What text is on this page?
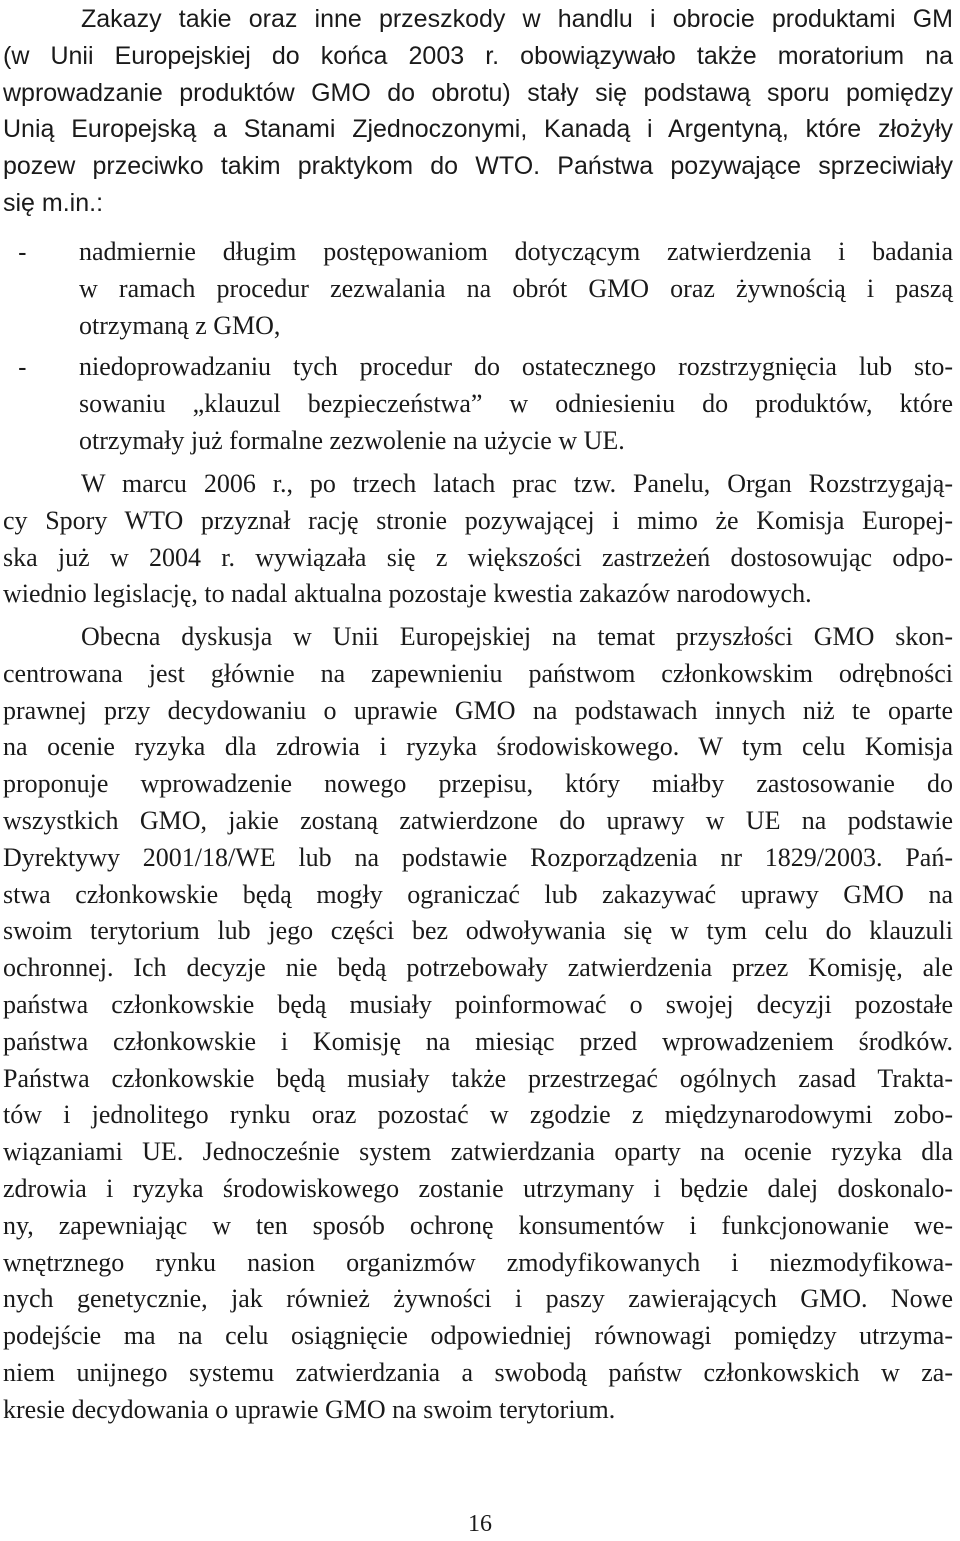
Zakazy takie oraz inne przeszkody w handlu i obrocie produktami GM
(w Unii Europejskiej do końca 2003 r. obowiązywało także moratorium na
wprowadzanie produktów GMO do obrotu) stały się podstawą sporu pomiędzy
Unią Europejską a Stanami Zjednoczonymi, Kanadą i Argentyną, które złożyły
pozew przeciwko takim praktykom do WTO. Państwa pozywające sprzeciwiały
się m.in.:
- nadmiernie długim postępowaniom dotyczącym zatwierdzenia i badania
w ramach procedur zezwalania na obrót GMO oraz żywnością i paszą
otrzymaną z GMO,
- niedoprowadzaniu tych procedur do ostatecznego rozstrzygnięcia lub sto-
sowaniu „klauzul bezpieczeństwa” w odniesieniu do produktów, które
otrzymały już formalne zezwolenie na użycie w UE.
W marcu 2006 r., po trzech latach prac tzw. Panelu, Organ Rozstrzygają-
cy Spory WTO przyznał rację stronie pozywającej i mimo że Komisja Europej-
ska już w 2004 r. wywiązała się z większości zastrzeżeń dostosowując odpo-
wiednio legislację, to nadal aktualna pozostaje kwestia zakazów narodowych.
Obecna dyskusja w Unii Europejskiej na temat przyszłości GMO skon-
centrowana jest głównie na zapewnieniu państwom członkowskim odrębności
prawnej przy decydowaniu o uprawie GMO na podstawach innych niż te oparte
na ocenie ryzyka dla zdrowia i ryzyka środowiskowego. W tym celu Komisja
proponuje wprowadzenie nowego przepisu, który miałby zastosowanie do
wszystkich GMO, jakie zostaną zatwierdzone do uprawy w UE na podstawie
Dyrektywy 2001/18/WE lub na podstawie Rozporządzenia nr 1829/2003. Pań-
stwa członkowskie będą mogły ograniczać lub zakazywać uprawy GMO na
swoim terytorium lub jego części bez odwoływania się w tym celu do klauzuli
ochronnej. Ich decyzje nie będą potrzebowały zatwierdzenia przez Komisję, ale
państwa członkowskie będą musiały poinformować o swojej decyzji pozostałe
państwa członkowskie i Komisję na miesiąc przed wprowadzeniem środków.
Państwa członkowskie będą musiały także przestrzegać ogólnych zasad Trakta-
tów i jednolitego rynku oraz pozostać w zgodzie z międzynarodowymi zobo-
wiązaniami UE. Jednocześnie system zatwierdzania oparty na ocenie ryzyka dla
zdrowia i ryzyka środowiskowego zostanie utrzymany i będzie dalej doskonalo-
ny, zapewniając w ten sposób ochronę konsumentów i funkcjonowanie we-
wnętrznego rynku nasion organizmów zmodyfikowanych i niezmodyfikowa-
nych genetycznie, jak również żywności i paszy zawierających GMO. Nowe
podejście ma na celu osiągnięcie odpowiedniej równowagi pomiędzy utrzyma-
niem unijnego systemu zatwierdzania a swobodą państw członkowskich w za-
kresie decydowania o uprawie GMO na swoim terytorium.
16
